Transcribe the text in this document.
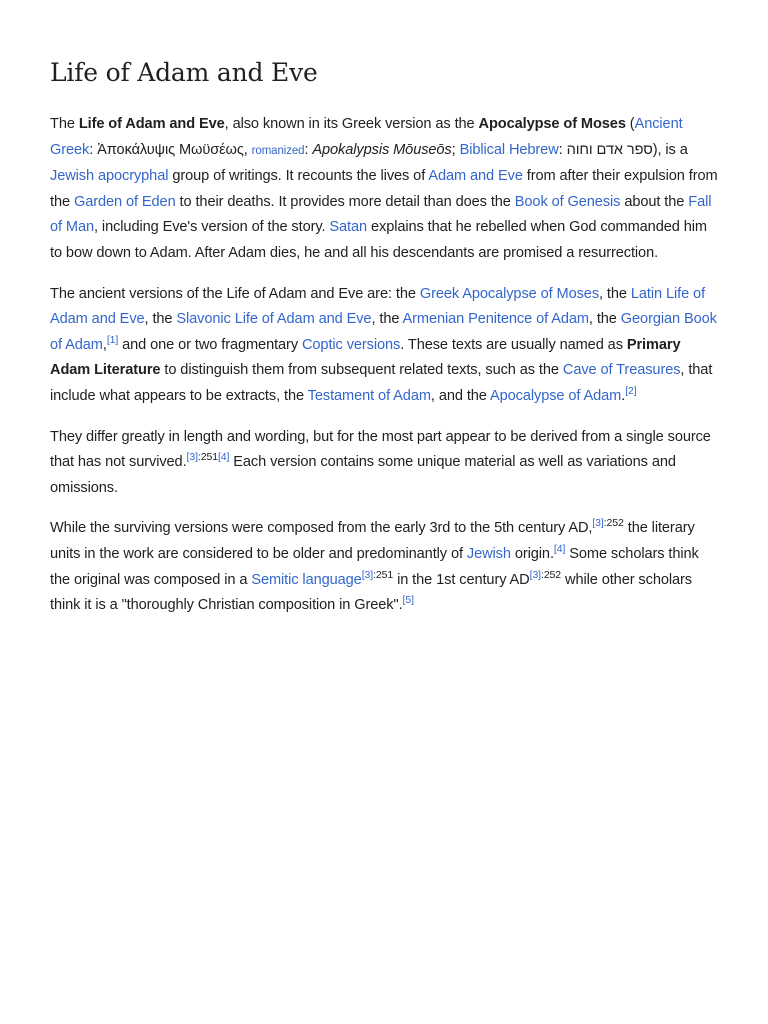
Life of Adam and Eve

The Life of Adam and Eve, also known in its Greek version as the Apocalypse of Moses (Ancient Greek: Ἀποκάλυψις Μωϋσέως, romanized: Apokalypsis Mōuseōs; Biblical Hebrew: ספר אדם וחוה), is a Jewish apocryphal group of writings. It recounts the lives of Adam and Eve from after their expulsion from the Garden of Eden to their deaths. It provides more detail than does the Book of Genesis about the Fall of Man, including Eve's version of the story. Satan explains that he rebelled when God commanded him to bow down to Adam. After Adam dies, he and all his descendants are promised a resurrection.

The ancient versions of the Life of Adam and Eve are: the Greek Apocalypse of Moses, the Latin Life of Adam and Eve, the Slavonic Life of Adam and Eve, the Armenian Penitence of Adam, the Georgian Book of Adam,[1] and one or two fragmentary Coptic versions. These texts are usually named as Primary Adam Literature to distinguish them from subsequent related texts, such as the Cave of Treasures, that include what appears to be extracts, the Testament of Adam, and the Apocalypse of Adam.[2]

They differ greatly in length and wording, but for the most part appear to be derived from a single source that has not survived.[3]:251[4] Each version contains some unique material as well as variations and omissions.

While the surviving versions were composed from the early 3rd to the 5th century AD,$^{[3]:252}$ the literary units in the work are considered to be older and predominantly of Jewish origin.[4] Some scholars think the original was composed in a Semitic language$^{[3]:251}$ in the 1st century AD$^{[3]:252}$ while other scholars think it is a "thoroughly Christian composition in Greek".[5]
